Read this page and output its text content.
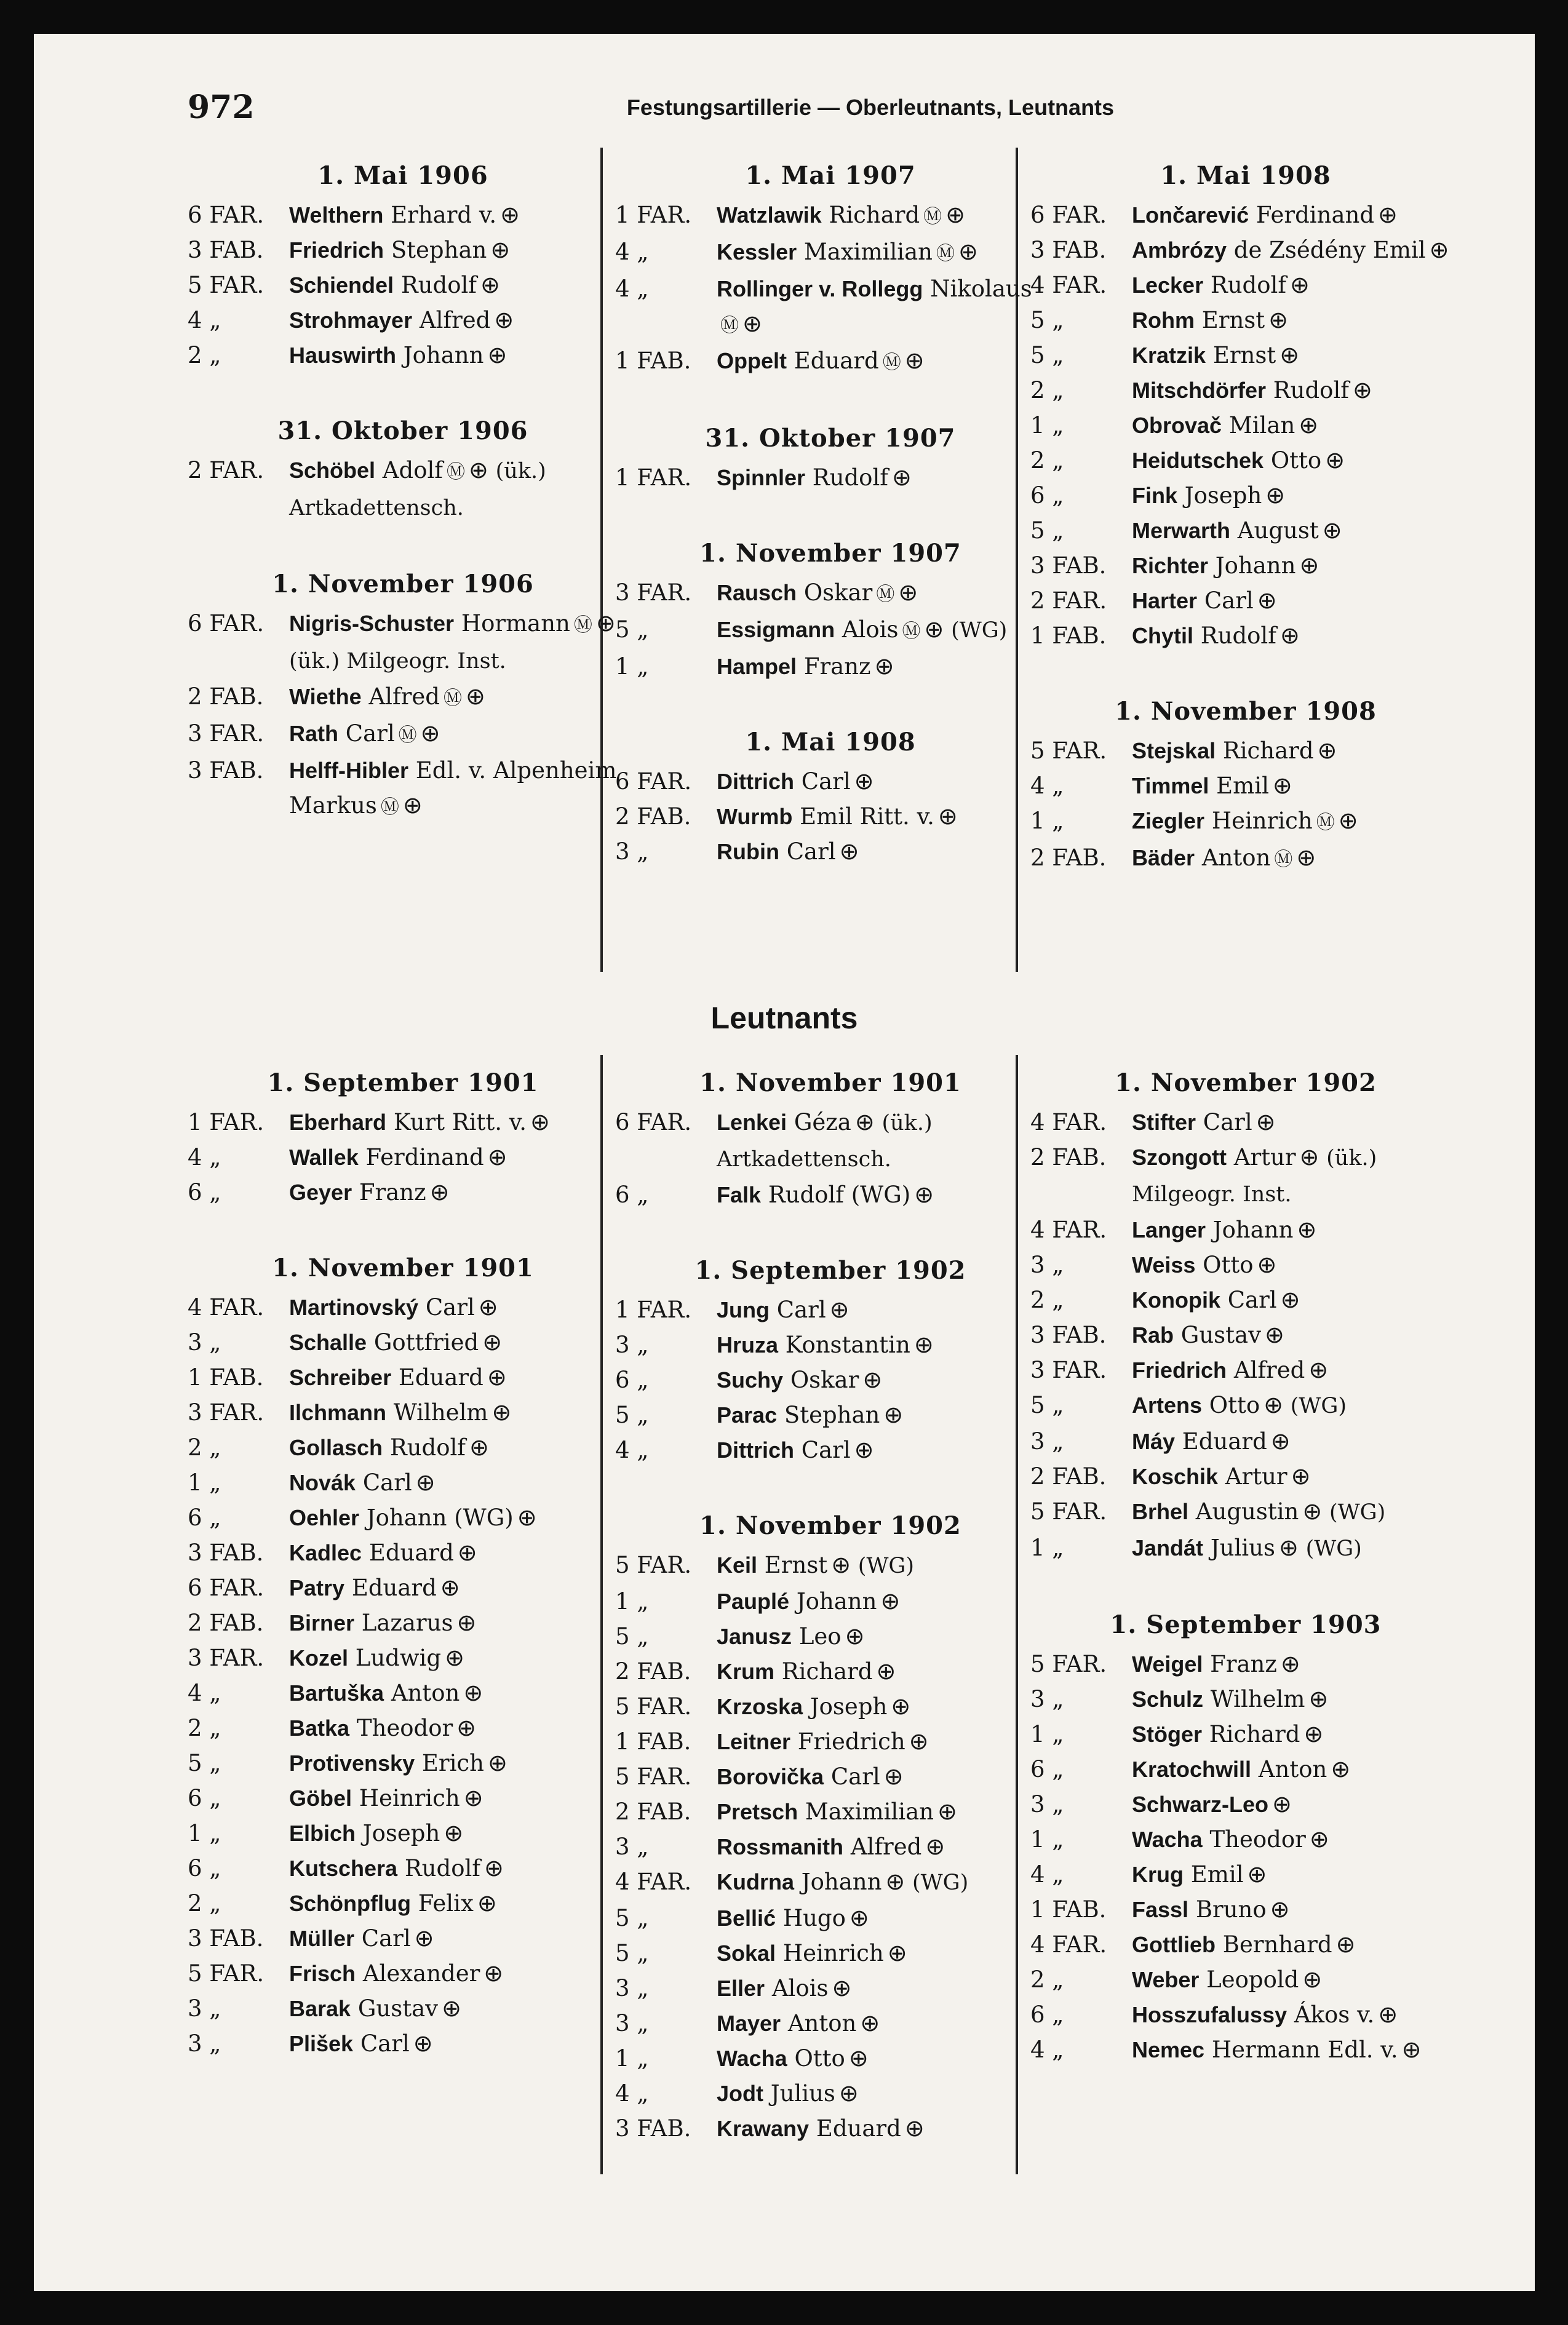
972	Festungsartillerie — Oberleutnants, Leutnants
Leutnants
1. Mai 1906
6 FAR.	Welthern Erhard v. ⊕
3 FAB.	Friedrich Stephan ⊕
5 FAR.	Schiendel Rudolf ⊕
4 „	Strohmayer Alfred ⊕
2 „	Hauswirth Johann ⊕
31. Oktober 1906
2 FAR.	Schöbel Adolf Ⓜ ⊕ (ük.) Artkadettensch.
1. November 1906
6 FAR.	Nigris-Schuster Hormann Ⓜ ⊕ (ük.) Milgeogr. Inst.
2 FAB.	Wiethe Alfred Ⓜ ⊕
3 FAR.	Rath Carl Ⓜ ⊕
3 FAB.	Helff-Hibler Edl. v. Alpenheim Markus Ⓜ ⊕
1. Mai 1907
1 FAR.	Watzlawik Richard Ⓜ ⊕
4 „	Kessler Maximilian Ⓜ ⊕
4 „	Rollinger v. Rollegg NikolausⓂ ⊕
1 FAB.	Oppelt Eduard Ⓜ ⊕
31. Oktober 1907
1 FAR.	Spinnler Rudolf ⊕
1. November 1907
3 FAR.	Rausch Oskar Ⓜ ⊕
5 „	Essigmann Alois Ⓜ ⊕ (WG)
1 „	Hampel Franz ⊕
1. Mai 1908
6 FAR.	Dittrich Carl ⊕
2 FAB.	Wurmb Emil Ritt. v. ⊕
3 „	Rubin Carl ⊕
1. Mai 1908
6 FAR.	Lončarević Ferdinand ⊕
3 FAB.	Ambrózy de Zsédény Emil ⊕
4 FAR.	Lecker Rudolf ⊕
5 „	Rohm Ernst ⊕
5 „	Kratzik Ernst ⊕
2 „	Mitschdörfer Rudolf ⊕
1 „	Obrovač Milan ⊕
2 „	Heidutschek Otto ⊕
6 „	Fink Joseph ⊕
5 „	Merwarth August ⊕
3 FAB.	Richter Johann ⊕
2 FAR.	Harter Carl ⊕
1 FAB.	Chytil Rudolf ⊕
1. November 1908
5 FAR.	Stejskal Richard ⊕
4 „	Timmel Emil ⊕
1 „	Ziegler Heinrich Ⓜ ⊕
2 FAB.	Bäder Anton Ⓜ ⊕
1. September 1901
1 FAR.	Eberhard Kurt Ritt. v. ⊕
4 „	Wallek Ferdinand ⊕
6 „	Geyer Franz ⊕
1. November 1901
4 FAR.	Martinovský Carl ⊕
3 „	Schalle Gottfried ⊕
1 FAB.	Schreiber Eduard ⊕
3 FAR.	Ilchmann Wilhelm ⊕
2 „	Gollasch Rudolf ⊕
1 „	Novák Carl ⊕
6 „	Oehler Johann (WG) ⊕
3 FAB.	Kadlec Eduard ⊕
6 FAR.	Patry Eduard ⊕
2 FAB.	Birner Lazarus ⊕
3 FAR.	Kozel Ludwig ⊕
4 „	Bartuška Anton ⊕
2 „	Batka Theodor ⊕
5 „	Protivensky Erich ⊕
6 „	Göbel Heinrich ⊕
1 „	Elbich Joseph ⊕
6 „	Kutschera Rudolf ⊕
2 „	Schönpflug Felix ⊕
3 FAB.	Müller Carl ⊕
5 FAR.	Frisch Alexander ⊕
3 „	Barak Gustav ⊕
3 „	Plišek Carl ⊕
1. November 1901
6 FAR.	Lenkei Géza ⊕ (ük.) Artkadettensch.
6 „	Falk Rudolf (WG) ⊕
1. September 1902
1 FAR.	Jung Carl ⊕
3 „	Hruza Konstantin ⊕
6 „	Suchy Oskar ⊕
5 „	Parac Stephan ⊕
4 „	Dittrich Carl ⊕
1. November 1902
5 FAR.	Keil Ernst ⊕ (WG)
1 „	Pauplé Johann ⊕
5 „	Janusz Leo ⊕
2 FAB.	Krum Richard ⊕
5 FAR.	Krzoska Joseph ⊕
1 FAB.	Leitner Friedrich ⊕
5 FAR.	Borovička Carl ⊕
2 FAB.	Pretsch Maximilian ⊕
3 „	Rossmanith Alfred ⊕
4 FAR.	Kudrna Johann ⊕ (WG)
5 „	Bellić Hugo ⊕
5 „	Sokal Heinrich ⊕
3 „	Eller Alois ⊕
3 „	Mayer Anton ⊕
1 „	Wacha Otto ⊕
4 „	Jodt Julius ⊕
3 FAB.	Krawany Eduard ⊕
1. November 1902
4 FAR.	Stifter Carl ⊕
2 FAB.	Szongott Artur ⊕ (ük.) Milgeogr. Inst.
4 FAR.	Langer Johann ⊕
3 „	Weiss Otto ⊕
2 „	Konopik Carl ⊕
3 FAB.	Rab Gustav ⊕
3 FAR.	Friedrich Alfred ⊕
5 „	Artens Otto ⊕ (WG)
3 „	Máy Eduard ⊕
2 FAB.	Koschik Artur ⊕
5 FAR.	Brhel Augustin ⊕ (WG)
1 „	Jandát Julius ⊕ (WG)
1. September 1903
5 FAR.	Weigel Franz ⊕
3 „	Schulz Wilhelm ⊕
1 „	Stöger Richard ⊕
6 „	Kratochwill Anton ⊕
3 „	Schwarz-Leo ⊕
1 „	Wacha Theodor ⊕
4 „	Krug Emil ⊕
1 FAB.	Fassl Bruno ⊕
4 FAR.	Gottlieb Bernhard ⊕
2 „	Weber Leopold ⊕
6 „	Hosszufalussy Ákos v. ⊕
4 „	Nemec Hermann Edl. v. ⊕
